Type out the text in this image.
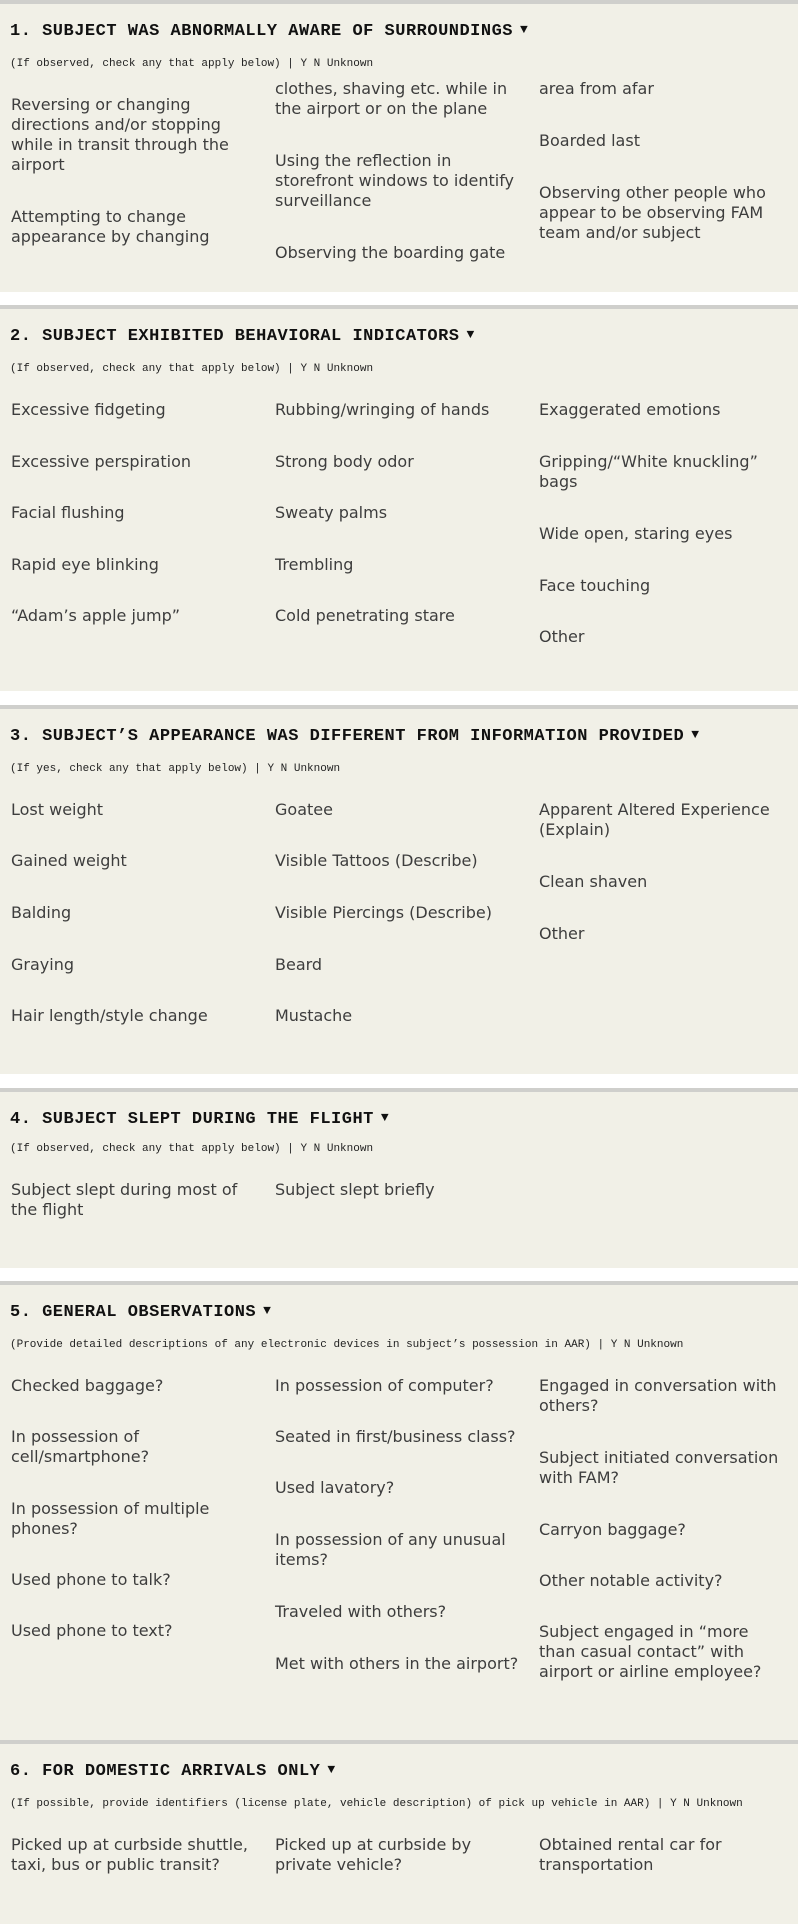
1. SUBJECT WAS ABNORMALLY AWARE OF SURROUNDINGS ▼
(If observed, check any that apply below) | Y N Unknown
Reversing or changing directions and/or stopping while in transit through the airport
Attempting to change appearance by changing
clothes, shaving etc. while in the airport or on the plane
Using the reflection in storefront windows to identify surveillance
Observing the boarding gate
area from afar
Boarded last
Observing other people who appear to be observing FAM team and/or subject
2. SUBJECT EXHIBITED BEHAVIORAL INDICATORS ▼
(If observed, check any that apply below) | Y N Unknown
Excessive fidgeting
Excessive perspiration
Facial flushing
Rapid eye blinking
“Adam’s apple jump”
Rubbing/wringing of hands
Strong body odor
Sweaty palms
Trembling
Cold penetrating stare
Exaggerated emotions
Gripping/“White knuckling” bags
Wide open, staring eyes
Face touching
Other
3. SUBJECT’S APPEARANCE WAS DIFFERENT FROM INFORMATION PROVIDED ▼
(If yes, check any that apply below) | Y N Unknown
Lost weight
Gained weight
Balding
Graying
Hair length/style change
Goatee
Visible Tattoos (Describe)
Visible Piercings (Describe)
Beard
Mustache
Apparent Altered Experience (Explain)
Clean shaven
Other
4. SUBJECT SLEPT DURING THE FLIGHT ▼
(If observed, check any that apply below) | Y N Unknown
Subject slept during most of the flight
Subject slept briefly
5. GENERAL OBSERVATIONS ▼
(Provide detailed descriptions of any electronic devices in subject’s possession in AAR) | Y N Unknown
Checked baggage?
In possession of cell/smartphone?
In possession of multiple phones?
Used phone to talk?
Used phone to text?
In possession of computer?
Seated in first/business class?
Used lavatory?
In possession of any unusual items?
Traveled with others?
Met with others in the airport?
Engaged in conversation with others?
Subject initiated conversation with FAM?
Carryon baggage?
Other notable activity?
Subject engaged in “more than casual contact” with airport or airline employee?
6. FOR DOMESTIC ARRIVALS ONLY ▼
(If possible, provide identifiers (license plate, vehicle description) of pick up vehicle in AAR) | Y N Unknown
Picked up at curbside shuttle, taxi, bus or public transit?
Picked up at curbside by private vehicle?
Obtained rental car for transportation
